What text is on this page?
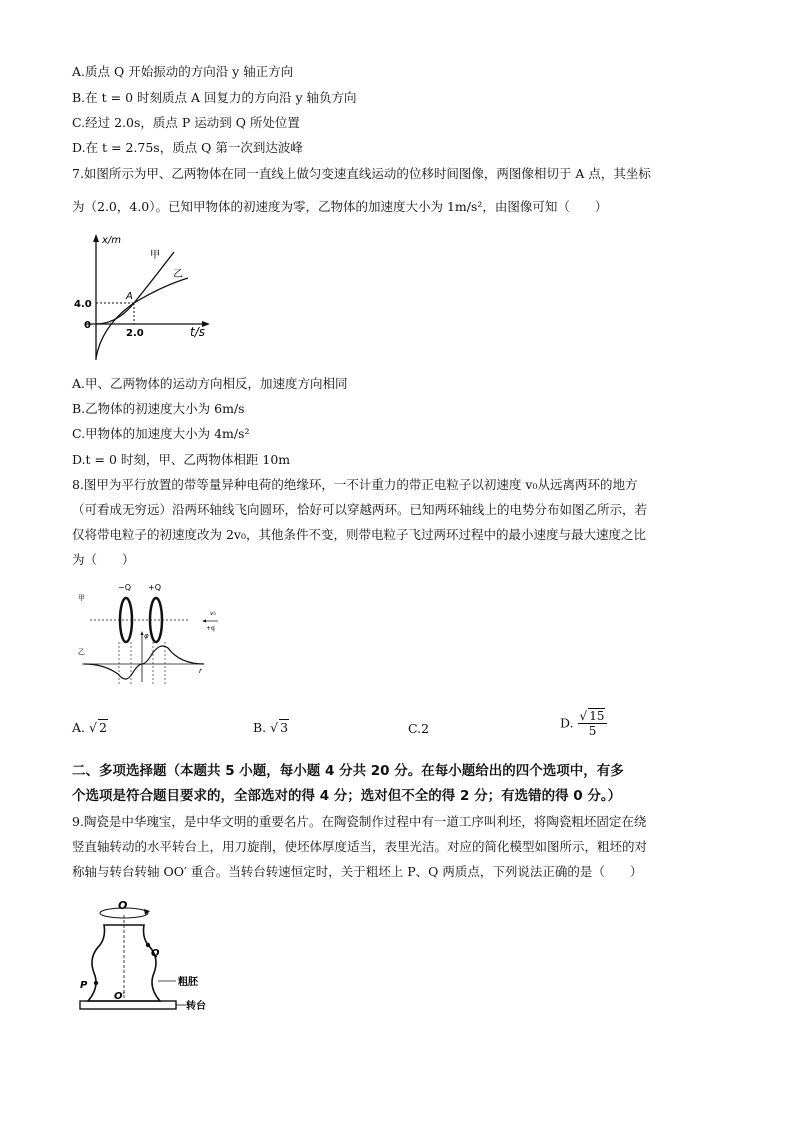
A.质点 Q 开始振动的方向沿 y 轴正方向
B.在 t = 0 时刻质点 A 回复力的方向沿 y 轴负方向
C.经过 2.0s，质点 P 运动到 Q 所处位置
D.在 t = 2.75s，质点 Q 第一次到达波峰
7.如图所示为甲、乙两物体在同一直线上做匀变速直线运动的位移时间图像，两图像相切于 A 点，其坐标
为（2.0，4.0）。已知甲物体的初速度为零，乙物体的加速度大小为 1m/s²，由图像可知（　　）
x/m
t/s
甲
乙
A
4.0
2.0
0
A.甲、乙两物体的运动方向相反，加速度方向相同
B.乙物体的初速度大小为 6m/s
C.甲物体的加速度大小为 4m/s²
D.t = 0 时刻，甲、乙两物体相距 10m
8.图甲为平行放置的带等量异种电荷的绝缘环，一不计重力的带正电粒子以初速度 v₀从远离两环的地方
（可看成无穷远）沿两环轴线飞向圆环，恰好可以穿越两环。已知两环轴线上的电势分布如图乙所示，若
仅将带电粒子的初速度改为 2v₀，其他条件不变，则带电粒子飞过两环过程中的最小速度与最大速度之比
为（　　）
甲
−Q +Q
v₀
+q
乙
φ
r
A. √ 2	B. √ 3	C.2	D. $\frac{√ 15}{5}$
二、多项选择题（本题共 5 小题，每小题 4 分共 20 分。在每小题给出的四个选项中，有多
个选项是符合题目要求的，全部选对的得 4 分；选对但不全的得 2 分；有选错的得 0 分。）
9.陶瓷是中华瑰宝，是中华文明的重要名片。在陶瓷制作过程中有一道工序叫利坯，将陶瓷粗坯固定在绕
竖直轴转动的水平转台上，用刀旋削，使坯体厚度适当，表里光洁。对应的简化模型如图所示，粗坯的对
称轴与转台转轴 OO′ 重合。当转台转速恒定时，关于粗坯上 P、Q 两质点，下列说法正确的是（　　）
O
Q
P
O′
粗胚
转台
